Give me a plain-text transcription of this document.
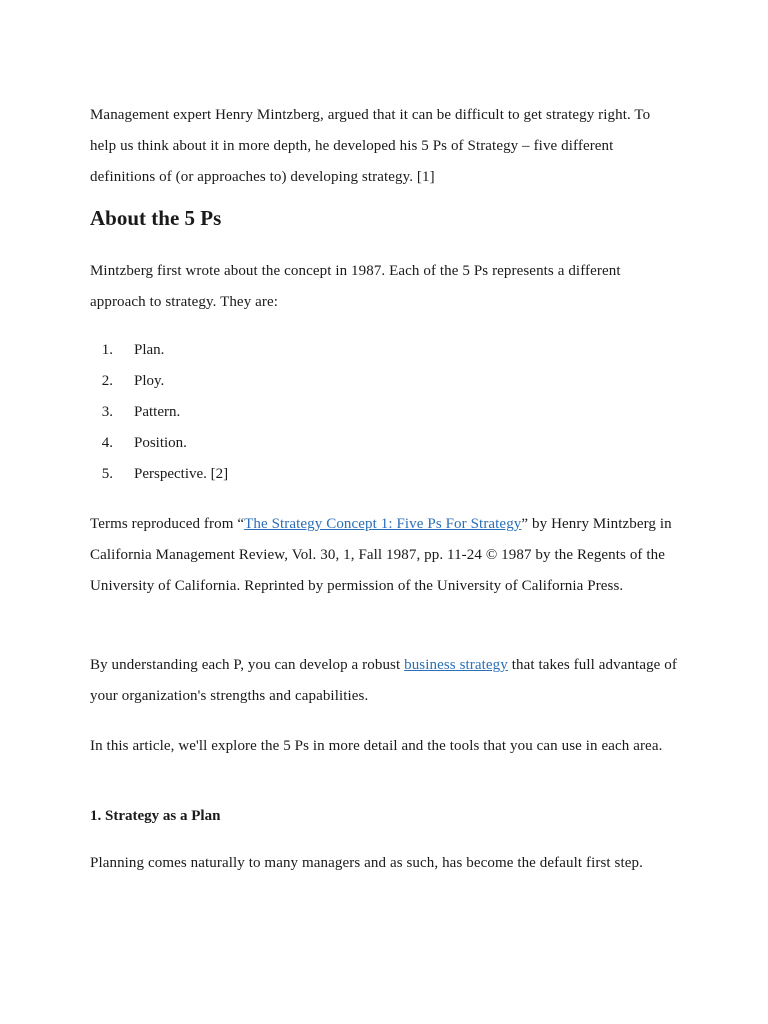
Management expert Henry Mintzberg, argued that it can be difficult to get strategy right. To help us think about it in more depth, he developed his 5 Ps of Strategy – five different definitions of (or approaches to) developing strategy. [1]

About the 5 Ps

Mintzberg first wrote about the concept in 1987. Each of the 5 Ps represents a different approach to strategy. They are:

1. Plan.
2. Ploy.
3. Pattern.
4. Position.
5. Perspective. [2]

Terms reproduced from “The Strategy Concept 1: Five Ps For Strategy” by Henry Mintzberg in California Management Review, Vol. 30, 1, Fall 1987, pp. 11-24 © 1987 by the Regents of the University of California. Reprinted by permission of the University of California Press.

By understanding each P, you can develop a robust business strategy that takes full advantage of your organization's strengths and capabilities.

In this article, we'll explore the 5 Ps in more detail and the tools that you can use in each area.

1. Strategy as a Plan

Planning comes naturally to many managers and as such, has become the default first step.
